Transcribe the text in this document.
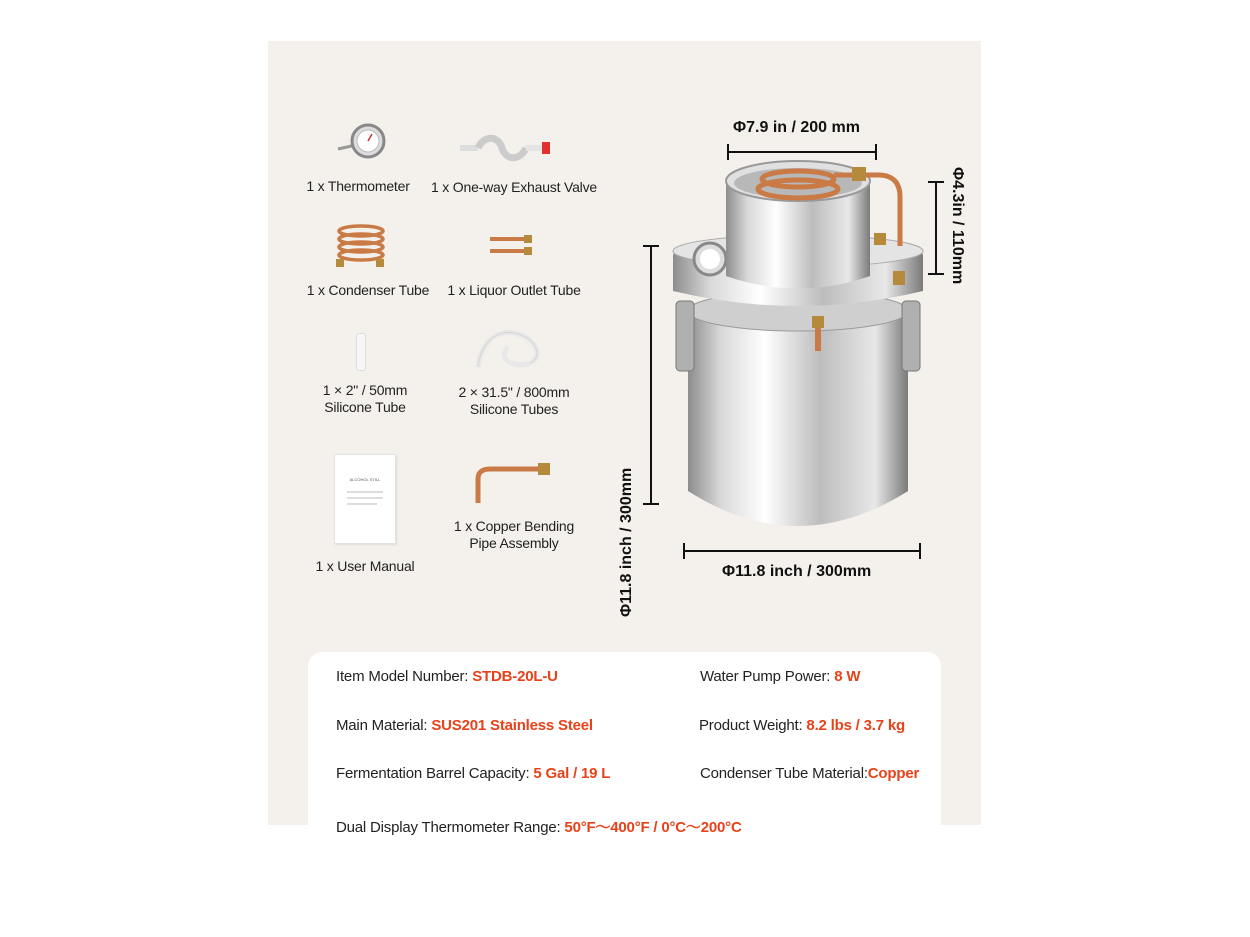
1 x Thermometer	1 x One-way Exhaust Valve
1 x Condenser Tube	1 x Liquor Outlet Tube
1 × 2" / 50mm
Silicone Tube
2 × 31.5" / 800mm
Silicone Tubes
ALCOHOL STILL
1 x User Manual
1 x Copper Bending
Pipe Assembly
Φ7.9 in / 200 mm
Φ4.3in / 110mm
Φ11.8 inch / 300mm	Φ11.8 inch / 300mm
Item Model Number: STDB-20L-U	Water Pump Power: 8 W
Main Material: SUS201 Stainless Steel	Product Weight: 8.2 lbs / 3.7 kg
Fermentation Barrel Capacity: 5 Gal / 19 L	Condenser Tube Material:Copper
Dual Display Thermometer Range: 50°F～400°F / 0°C～200°C
